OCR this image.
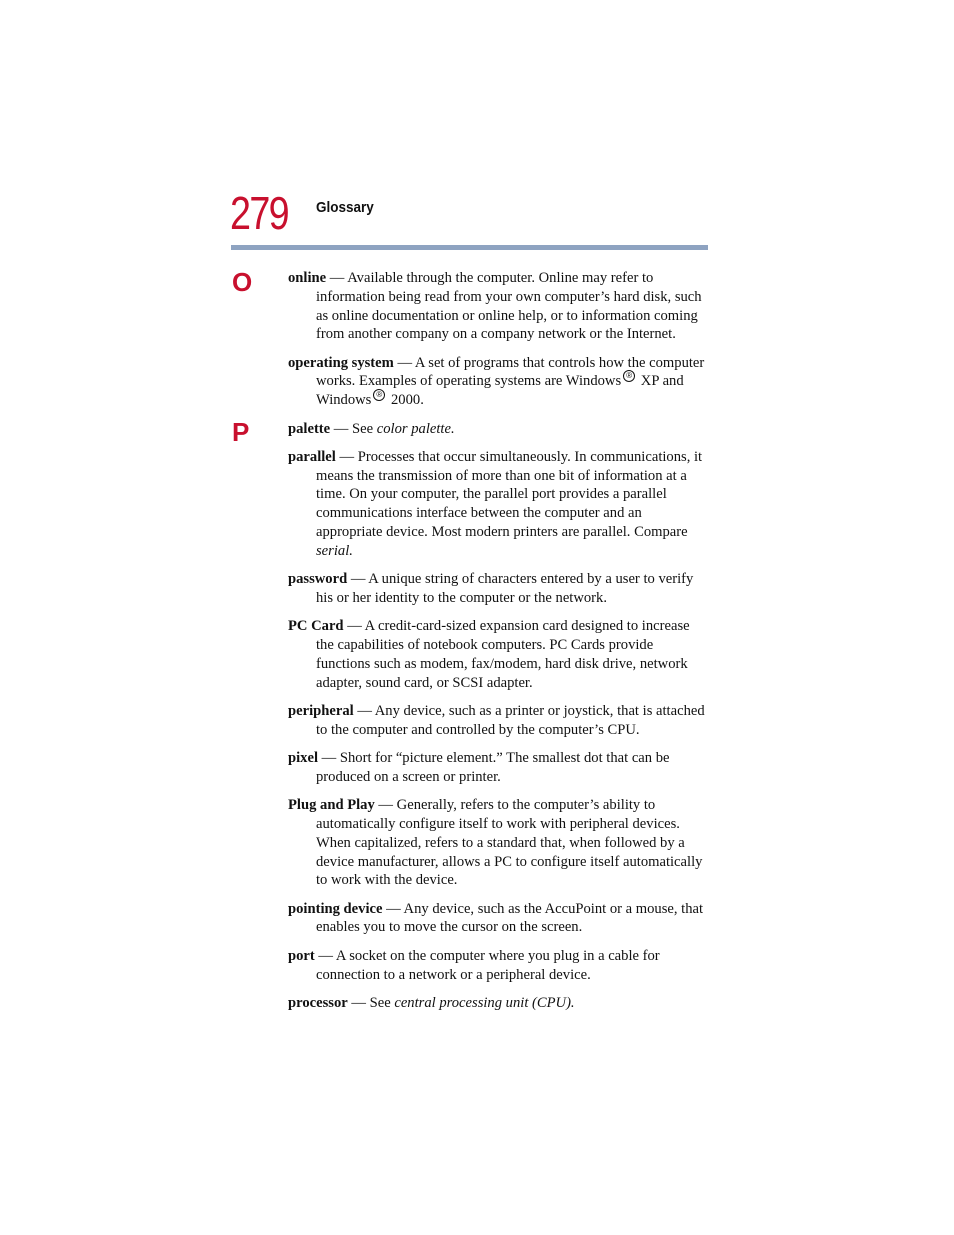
279 Glossary
O
P

online — Available through the computer. Online may refer to information being read from your own computer’s hard disk, such as online documentation or online help, or to information coming from another company on a company network or the Internet.

operating system — A set of programs that controls how the computer works. Examples of operating systems are Windows ® XP and Windows ® 2000.

palette — See color palette.

parallel — Processes that occur simultaneously. In communications, it means the transmission of more than one bit of information at a time. On your computer, the parallel port provides a parallel communications interface between the computer and an appropriate device. Most modern printers are parallel. Compare serial.

password — A unique string of characters entered by a user to verify his or her identity to the computer or the network.

PC Card — A credit-card-sized expansion card designed to increase the capabilities of notebook computers. PC Cards provide functions such as modem, fax/modem, hard disk drive, network adapter, sound card, or SCSI adapter.

peripheral — Any device, such as a printer or joystick, that is attached to the computer and controlled by the computer’s CPU.

pixel — Short for “picture element.” The smallest dot that can be produced on a screen or printer.

Plug and Play — Generally, refers to the computer’s ability to automatically configure itself to work with peripheral devices. When capitalized, refers to a standard that, when followed by a device manufacturer, allows a PC to configure itself automatically to work with the device.

pointing device — Any device, such as the AccuPoint or a mouse, that enables you to move the cursor on the screen.

port — A socket on the computer where you plug in a cable for connection to a network or a peripheral device.

processor — See central processing unit (CPU).
